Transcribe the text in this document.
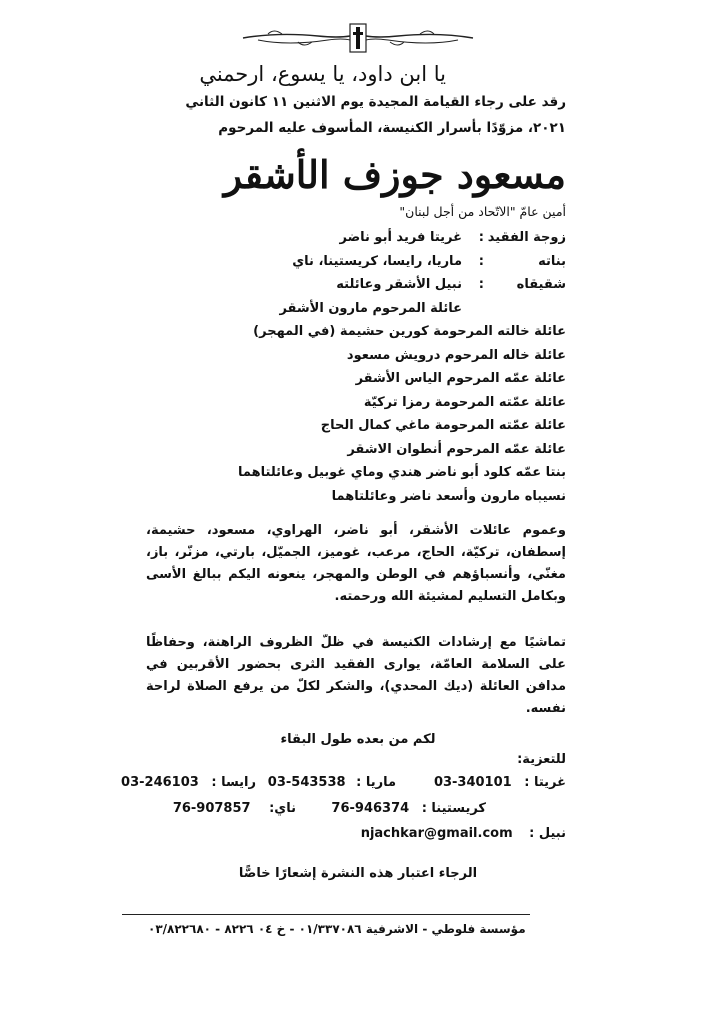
يا ابن داود، يا يسوع، ارحمني
رقد على رجاء القيامة المجيدة يوم الاثنين ١١ كانون الثاني
٢٠٢١، مزوّدًا بأسرار الكنيسة، المأسوف عليه المرحوم
مسعود جوزف الأشقر
أمين عامّ "الاتّحاد من أجل لبنان"
زوجة الفقيد
:
غريتا فريد أبو ناضر
بناته
:
ماريا، رايسا، كريستينا، ناي
شقيقاه
:
نبيل الأشقر وعائلته
عائلة المرحوم مارون الأشقر
عائلة خالته المرحومة كورين حشيمة (في المهجر)
عائلة خاله المرحوم درويش مسعود
عائلة عمّه المرحوم الياس الأشقر
عائلة عمّته المرحومة رمزا تركيّة
عائلة عمّته المرحومة ماغي كمال الحاج
عائلة عمّه المرحوم أنطوان الاشقر
بنتا عمّه كلود أبو ناضر هندي وماي غوبيل وعائلتاهما
نسيباه مارون وأسعد ناضر وعائلتاهما
وعموم عائلات الأشقر، أبو ناضر، الهراوي، مسعود، حشيمة، إسطفان، تركيّة، الحاج، مرعب، غوميز، الجميّل، بارتي، مزنّر، باز، مغنّي، وأنسباؤهم في الوطن والمهجر، ينعونه اليكم ببالغ الأسى وبكامل التسليم لمشيئة الله ورحمته.
تماشيًا مع إرشادات الكنيسة في ظلّ الظروف الراهنة، وحفاظًا على السلامة العامّة، يوارى الفقيد الثرى بحضور الأقربين في مدافن العائلة (ديك المحدي)، والشكر لكلّ من يرفع الصلاة لراحة نفسه.
لكم من بعده طول البقاء
للتعزية:
غريتا : 03-340101
ماريا : 03-543538
رايسا : 03-246103
كريستينا : 76-946374
ناي: 76-907857
نبيل : njachkar@gmail.com
الرجاء اعتبار هذه النشرة إشعارًا خاصًّا
مؤسسة فلوطي - الاشرفية ٠١/٣٣٧٠٨٦ - خ ٠٤ ٨٢٢٦ - ٠٣/٨٢٢٦٨٠
